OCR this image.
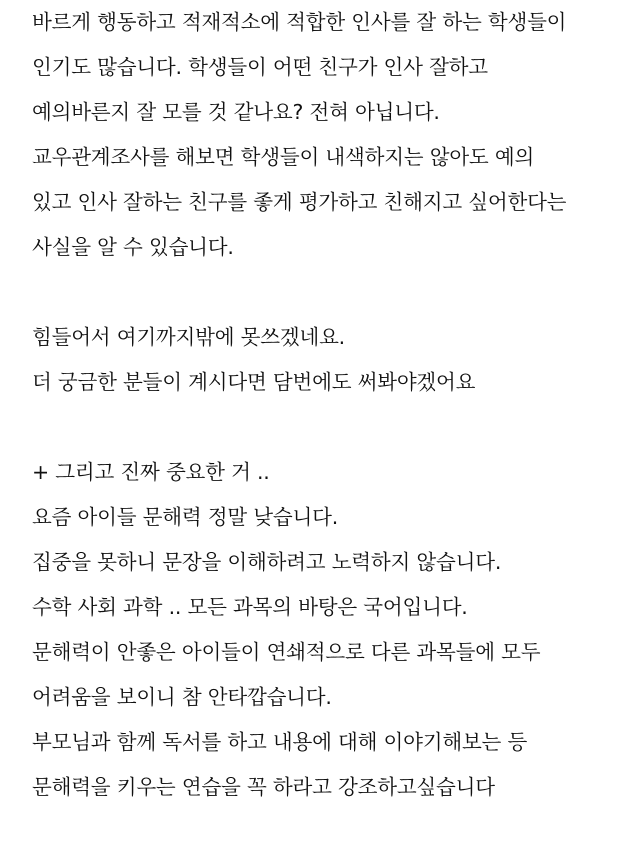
바르게 행동하고 적재적소에 적합한 인사를 잘 하는 학생들이

인기도 많습니다. 학생들이 어떤 친구가 인사 잘하고

예의바른지 잘 모를 것 같나요? 전혀 아닙니다.

교우관계조사를 해보면 학생들이 내색하지는 않아도 예의

있고 인사 잘하는 친구를 좋게 평가하고 친해지고 싶어한다는

사실을 알 수 있습니다.

힘들어서 여기까지밖에 못쓰겠네요.

더 궁금한 분들이 계시다면 담번에도 써봐야겠어요

+ 그리고 진짜 중요한 거 ..

요즘 아이들 문해력 정말 낮습니다.

집중을 못하니 문장을 이해하려고 노력하지 않습니다.

수학 사회 과학 .. 모든 과목의 바탕은 국어입니다.

문해력이 안좋은 아이들이 연쇄적으로 다른 과목들에 모두

어려움을 보이니 참 안타깝습니다.

부모님과 함께 독서를 하고 내용에 대해 이야기해보는 등

문해력을 키우는 연습을 꼭 하라고 강조하고싶습니다
